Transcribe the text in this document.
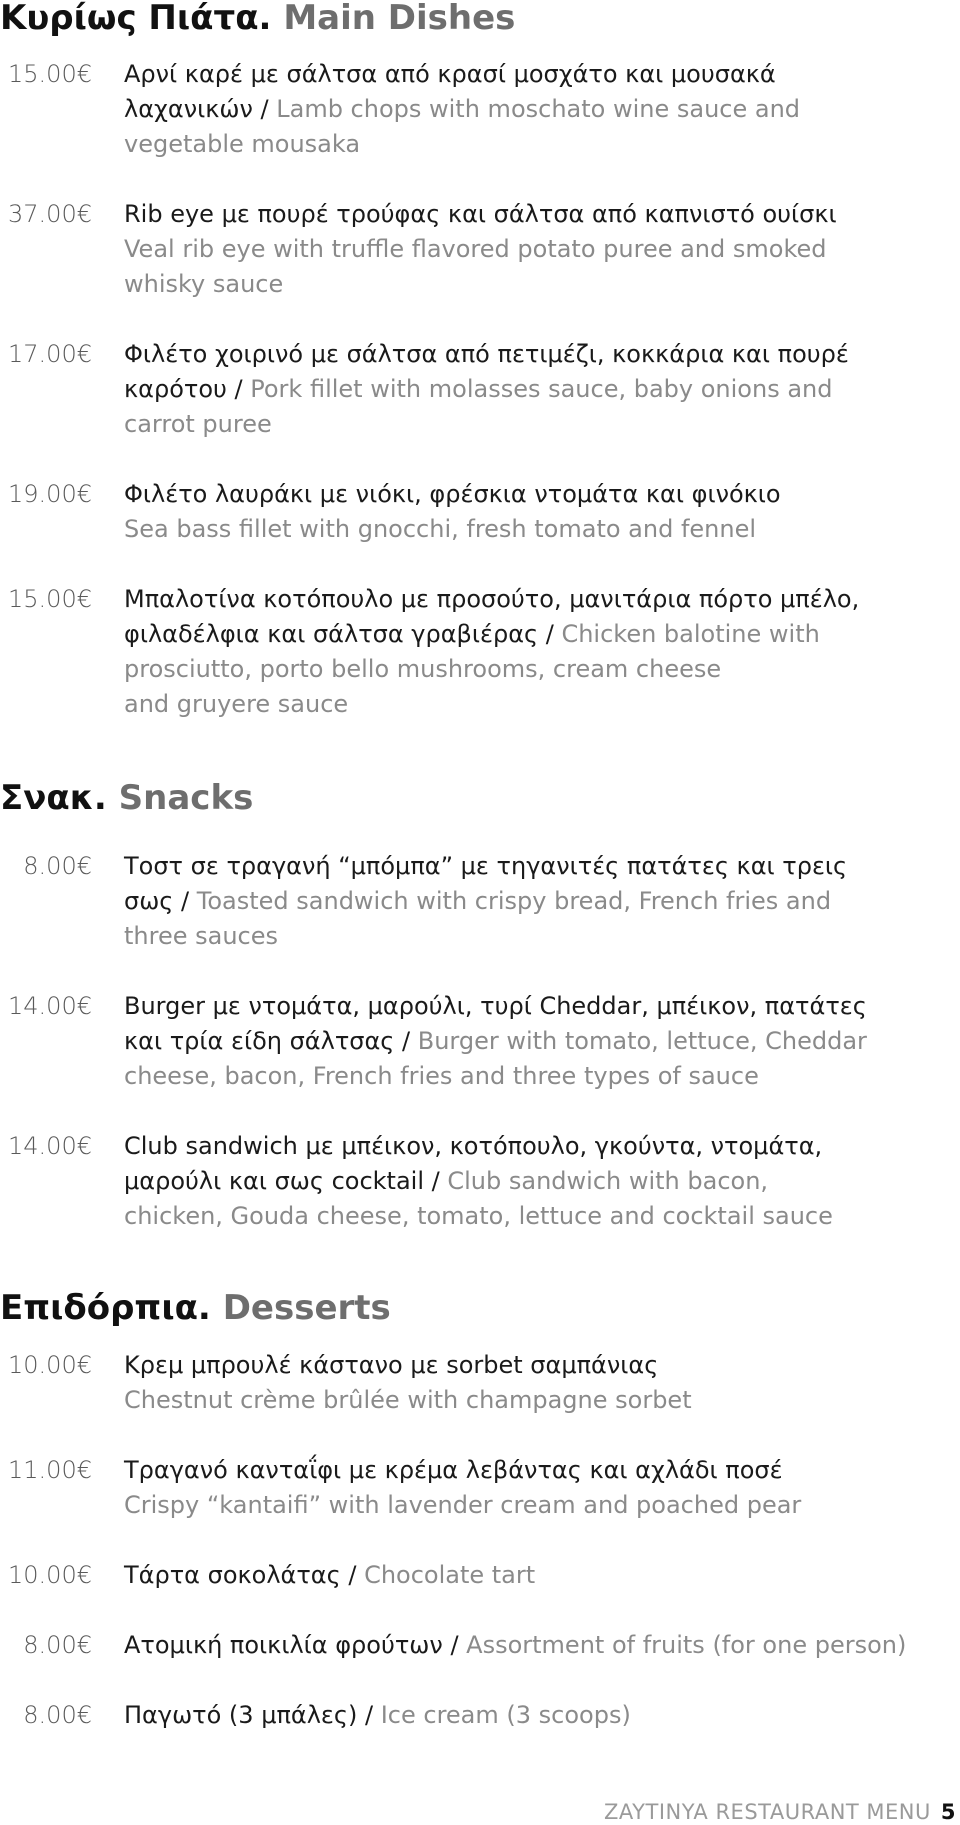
Κυρίως Πιάτα. Main Dishes
15.00€ Αρνί καρέ με σάλτσα από κρασί μοσχάτο και μουσακά
λαχανικών / Lamb chops with moschato wine sauce and
vegetable mousaka
37.00€ Rib eye με πουρέ τρούφας και σάλτσα από καπνιστό ουίσκι
Veal rib eye with truffle flavored potato puree and smoked
whisky sauce
17.00€ Φιλέτο χοιρινό με σάλτσα από πετιμέζι, κοκκάρια και πουρέ
καρότου / Pork fillet with molasses sauce, baby onions and
carrot puree
19.00€ Φιλέτο λαυράκι με νιόκι, φρέσκια ντομάτα και φινόκιο
Sea bass fillet with gnocchi, fresh tomato and fennel
15.00€ Μπαλοτίνα κοτόπουλο με προσούτο, μανιτάρια πόρτο μπέλο,
φιλαδέλφια και σάλτσα γραβιέρας / Chicken balotine with
prosciutto, porto bello mushrooms, cream cheese
and gruyere sauce
Σνακ. Snacks
8.00€ Τοστ σε τραγανή “μπόμπα” με τηγανιτές πατάτες και τρεις
σως / Toasted sandwich with crispy bread, French fries and
three sauces
14.00€ Burger με ντομάτα, μαρούλι, τυρί Cheddar, μπέικον, πατάτες
και τρία είδη σάλτσας / Burger with tomato, lettuce, Cheddar
cheese, bacon, French fries and three types of sauce
14.00€ Club sandwich με μπέικον, κοτόπουλο, γκούντα, ντομάτα,
μαρούλι και σως cocktail / Club sandwich with bacon,
chicken, Gouda cheese, tomato, lettuce and cocktail sauce
Επιδόρπια. Desserts
10.00€ Κρεμ μπρουλέ κάστανο με sorbet σαμπάνιας
Chestnut crème brûlée with champagne sorbet
11.00€ Τραγανό κανταΐφι με κρέμα λεβάντας και αχλάδι ποσέ
Crispy “kantaifi” with lavender cream and poached pear
10.00€ Τάρτα σοκολάτας / Chocolate tart
8.00€ Ατομική ποικιλία φρούτων / Assortment of fruits (for one person)
8.00€ Παγωτό (3 μπάλες) / Ice cream (3 scoops)
ZAYTINYA RESTAURANT MENU 5
